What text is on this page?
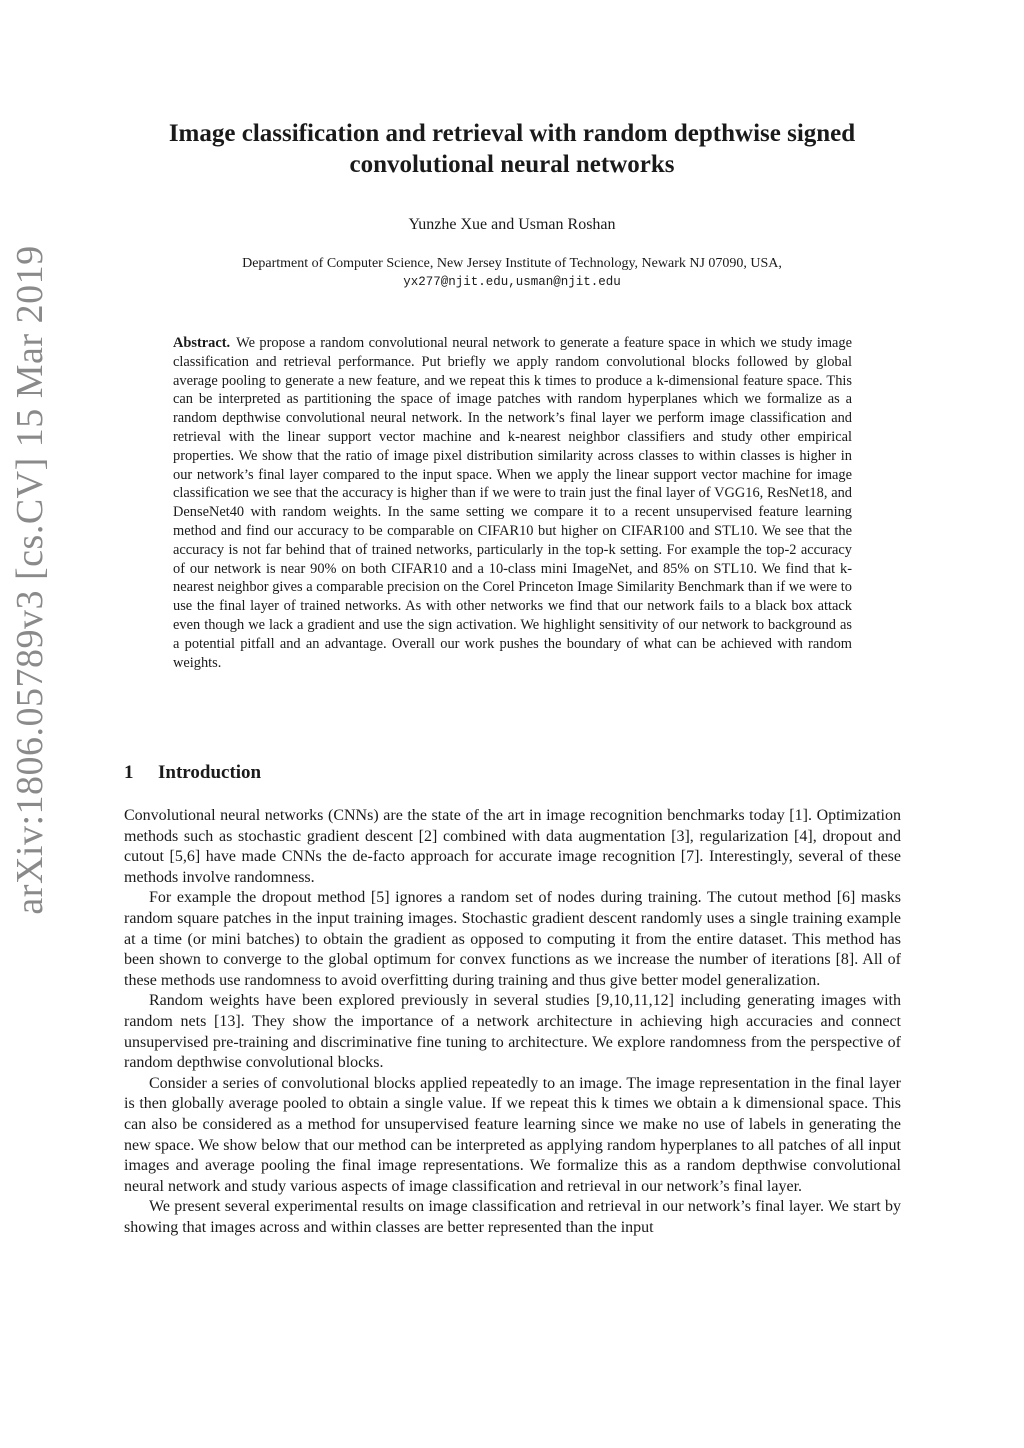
arXiv:1806.05789v3 [cs.CV] 15 Mar 2019
Image classification and retrieval with random depthwise signed
convolutional neural networks
Yunzhe Xue and Usman Roshan
Department of Computer Science, New Jersey Institute of Technology, Newark NJ 07090, USA,
yx277@njit.edu,usman@njit.edu
Abstract. We propose a random convolutional neural network to generate a feature space in which we study image classification and retrieval performance. Put briefly we apply random convolutional blocks followed by global average pooling to generate a new feature, and we repeat this k times to produce a k-dimensional feature space. This can be interpreted as partitioning the space of image patches with random hyperplanes which we formalize as a random depthwise convolutional neural network. In the network’s final layer we perform image classification and retrieval with the linear support vector machine and k-nearest neighbor classifiers and study other empirical properties. We show that the ratio of image pixel distribution similarity across classes to within classes is higher in our network’s final layer compared to the input space. When we apply the linear support vector machine for image classification we see that the accuracy is higher than if we were to train just the final layer of VGG16, ResNet18, and DenseNet40 with random weights. In the same setting we compare it to a recent unsupervised feature learning method and find our accuracy to be comparable on CIFAR10 but higher on CIFAR100 and STL10. We see that the accuracy is not far behind that of trained networks, particularly in the top-k setting. For example the top-2 accuracy of our network is near 90% on both CIFAR10 and a 10-class mini ImageNet, and 85% on STL10. We find that k-nearest neighbor gives a comparable precision on the Corel Princeton Image Similarity Benchmark than if we were to use the final layer of trained networks. As with other networks we find that our network fails to a black box attack even though we lack a gradient and use the sign activation. We highlight sensitivity of our network to background as a potential pitfall and an advantage. Overall our work pushes the boundary of what can be achieved with random weights.
1 Introduction

Convolutional neural networks (CNNs) are the state of the art in image recognition benchmarks today [1]. Optimization methods such as stochastic gradient descent [2] combined with data augmentation [3], regularization [4], dropout and cutout [5,6] have made CNNs the de-facto approach for accurate image recognition [7]. Interestingly, several of these methods involve randomness.

For example the dropout method [5] ignores a random set of nodes during training. The cutout method [6] masks random square patches in the input training images. Stochastic gradient descent randomly uses a single training example at a time (or mini batches) to obtain the gradient as opposed to computing it from the entire dataset. This method has been shown to converge to the global optimum for convex functions as we increase the number of iterations [8]. All of these methods use randomness to avoid overfitting during training and thus give better model generalization.

Random weights have been explored previously in several studies [9,10,11,12] including generating images with random nets [13]. They show the importance of a network architecture in achieving high accuracies and connect unsupervised pre-training and discriminative fine tuning to architecture. We explore randomness from the perspective of random depthwise convolutional blocks.

Consider a series of convolutional blocks applied repeatedly to an image. The image representation in the final layer is then globally average pooled to obtain a single value. If we repeat this k times we obtain a k dimensional space. This can also be considered as a method for unsupervised feature learning since we make no use of labels in generating the new space. We show below that our method can be interpreted as applying random hyperplanes to all patches of all input images and average pooling the final image representations. We formalize this as a random depthwise convolutional neural network and study various aspects of image classification and retrieval in our network’s final layer.

We present several experimental results on image classification and retrieval in our network’s final layer. We start by showing that images across and within classes are better represented than the input
